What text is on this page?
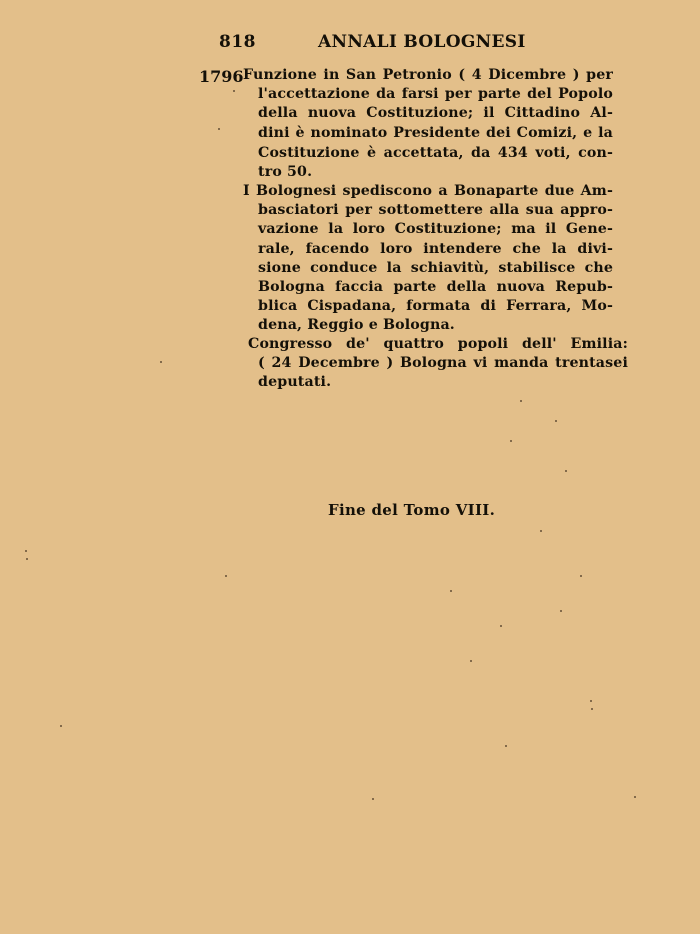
818	ANNALI BOLOGNESI
1796 Funzione in San Petronio ( 4 Dicembre ) per
l'accettazione da farsi per parte del Popolo
della nuova Costituzione; il Cittadino Al-
dini è nominato Presidente dei Comizi, e la
Costituzione è accettata, da 434 voti, con-
tro 50.
I Bolognesi spediscono a Bonaparte due Am-
basciatori per sottomettere alla sua appro-
vazione la loro Costituzione; ma il Gene-
rale, facendo loro intendere che la divi-
sione conduce la schiavitù, stabilisce che
Bologna faccia parte della nuova Repub-
blica Cispadana, formata di Ferrara, Mo-
dena, Reggio e Bologna.
Congresso de' quattro popoli dell' Emilia:
( 24 Decembre ) Bologna vi manda trentasei
deputati.
Fine del Tomo VIII.
